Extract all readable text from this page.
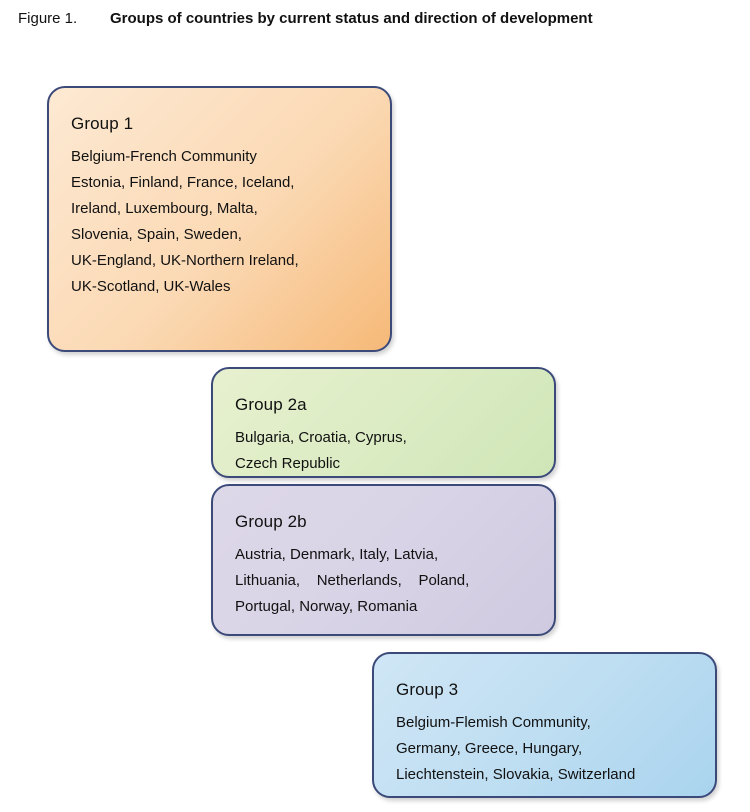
Figure 1.	Groups of countries by current status and direction of development
Group 1
Belgium-French Community
Estonia, Finland, France, Iceland,
Ireland, Luxembourg, Malta,
Slovenia, Spain, Sweden,
UK-England, UK-Northern Ireland,
UK-Scotland, UK-Wales
Group 2a
Bulgaria, Croatia, Cyprus,
Czech Republic
Group 2b
Austria, Denmark, Italy, Latvia,
Lithuania,    Netherlands,    Poland,
Portugal, Norway, Romania
Group 3
Belgium-Flemish Community,
Germany, Greece, Hungary,
Liechtenstein, Slovakia, Switzerland
